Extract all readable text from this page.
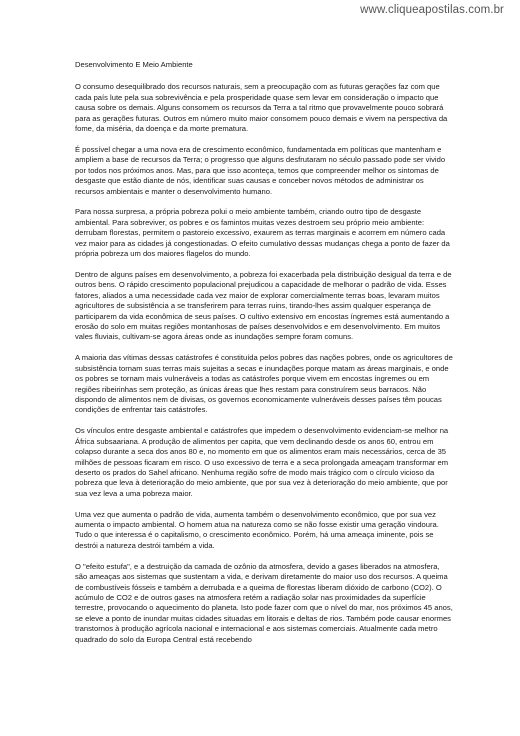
www.cliqueapostilas.com.br
Desenvolvimento E Meio Ambiente

O consumo desequilibrado dos recursos naturais, sem a preocupação com as futuras gerações faz com que cada país lute pela sua sobrevivência e pela prosperidade quase sem levar em consideração o impacto que causa sobre os demais. Alguns consomem os recursos da Terra a tal ritmo que provavelmente pouco sobrará para as gerações futuras. Outros em número muito maior consomem pouco demais e vivem na perspectiva da fome, da miséria, da doença e da morte prematura.

É possível chegar a uma nova era de crescimento econômico, fundamentada em políticas que mantenham e ampliem a base de recursos da Terra; o progresso que alguns desfrutaram no século passado pode ser vivido por todos nos próximos anos. Mas, para que isso aconteça, temos que compreender melhor os sintomas de desgaste que estão diante de nós, identificar suas causas e conceber novos métodos de administrar os recursos ambientais e manter o desenvolvimento humano.

Para nossa surpresa, a própria pobreza polui o meio ambiente também, criando outro tipo de desgaste ambiental. Para sobreviver, os pobres e os famintos muitas vezes destroem seu próprio meio ambiente: derrubam florestas, permitem o pastoreio excessivo, exaurem as terras marginais e acorrem em número cada vez maior para as cidades já congestionadas. O efeito cumulativo dessas mudanças chega a ponto de fazer da própria pobreza um dos maiores flagelos do mundo.

Dentro de alguns países em desenvolvimento, a pobreza foi exacerbada pela distribuição desigual da terra e de outros bens. O rápido crescimento populacional prejudicou a capacidade de melhorar o padrão de vida. Esses fatores, aliados a uma necessidade cada vez maior de explorar comercialmente terras boas, levaram muitos agricultores de subsistência a se transferirem para terras ruins, tirando-lhes assim qualquer esperança de participarem da vida econômica de seus países. O cultivo extensivo em encostas íngremes está aumentando a erosão do solo em muitas regiões montanhosas de países desenvolvidos e em desenvolvimento. Em muitos vales fluviais, cultivam-se agora áreas onde as inundações sempre foram comuns.

A maioria das vítimas dessas catástrofes é constituída pelos pobres das nações pobres, onde os agricultores de subsistência tornam suas terras mais sujeitas a secas e inundações porque matam as áreas marginais, e onde os pobres se tornam mais vulneráveis a todas as catástrofes porque vivem em encostas íngremes ou em regiões ribeirinhas sem proteção, as únicas áreas que lhes restam para construírem seus barracos. Não dispondo de alimentos nem de divisas, os governos economicamente vulneráveis desses países têm poucas condições de enfrentar tais catástrofes.

Os vínculos entre desgaste ambiental e catástrofes que impedem o desenvolvimento evidenciam-se melhor na África subsaariana. A produção de alimentos per capita, que vem declinando desde os anos 60, entrou em colapso durante a seca dos anos 80 e, no momento em que os alimentos eram mais necessários, cerca de 35 milhões de pessoas ficaram em risco. O uso excessivo de terra e a seca prolongada ameaçam transformar em deserto os prados do Sahel africano. Nenhuma região sofre de modo mais trágico com o círculo vicioso da pobreza que leva à deterioração do meio ambiente, que por sua vez à deterioração do meio ambiente, que por sua vez leva a uma pobreza maior.

Uma vez que aumenta o padrão de vida, aumenta também o desenvolvimento econômico, que por sua vez aumenta o impacto ambiental. O homem atua na natureza como se não fosse existir uma geração vindoura. Tudo o que interessa é o capitalismo, o crescimento econômico. Porém, há uma ameaça iminente, pois se destrói a natureza destrói também a vida.

O "efeito estufa", e a destruição da camada de ozônio da atmosfera, devido a gases liberados na atmosfera, são ameaças aos sistemas que sustentam a vida, e derivam diretamente do maior uso dos recursos. A queima de combustíveis fósseis e também a derrubada e a queima de florestas liberam dióxido de carbono (CO2). O acúmulo de CO2 e de outros gases na atmosfera retém a radiação solar nas proximidades da superfície terrestre, provocando o aquecimento do planeta. Isto pode fazer com que o nível do mar, nos próximos 45 anos, se eleve a ponto de inundar muitas cidades situadas em litorais e deltas de rios. Também pode causar enormes transtornos à produção agrícola nacional e internacional e aos sistemas comerciais. Atualmente cada metro quadrado do solo da Europa Central está recebendo
